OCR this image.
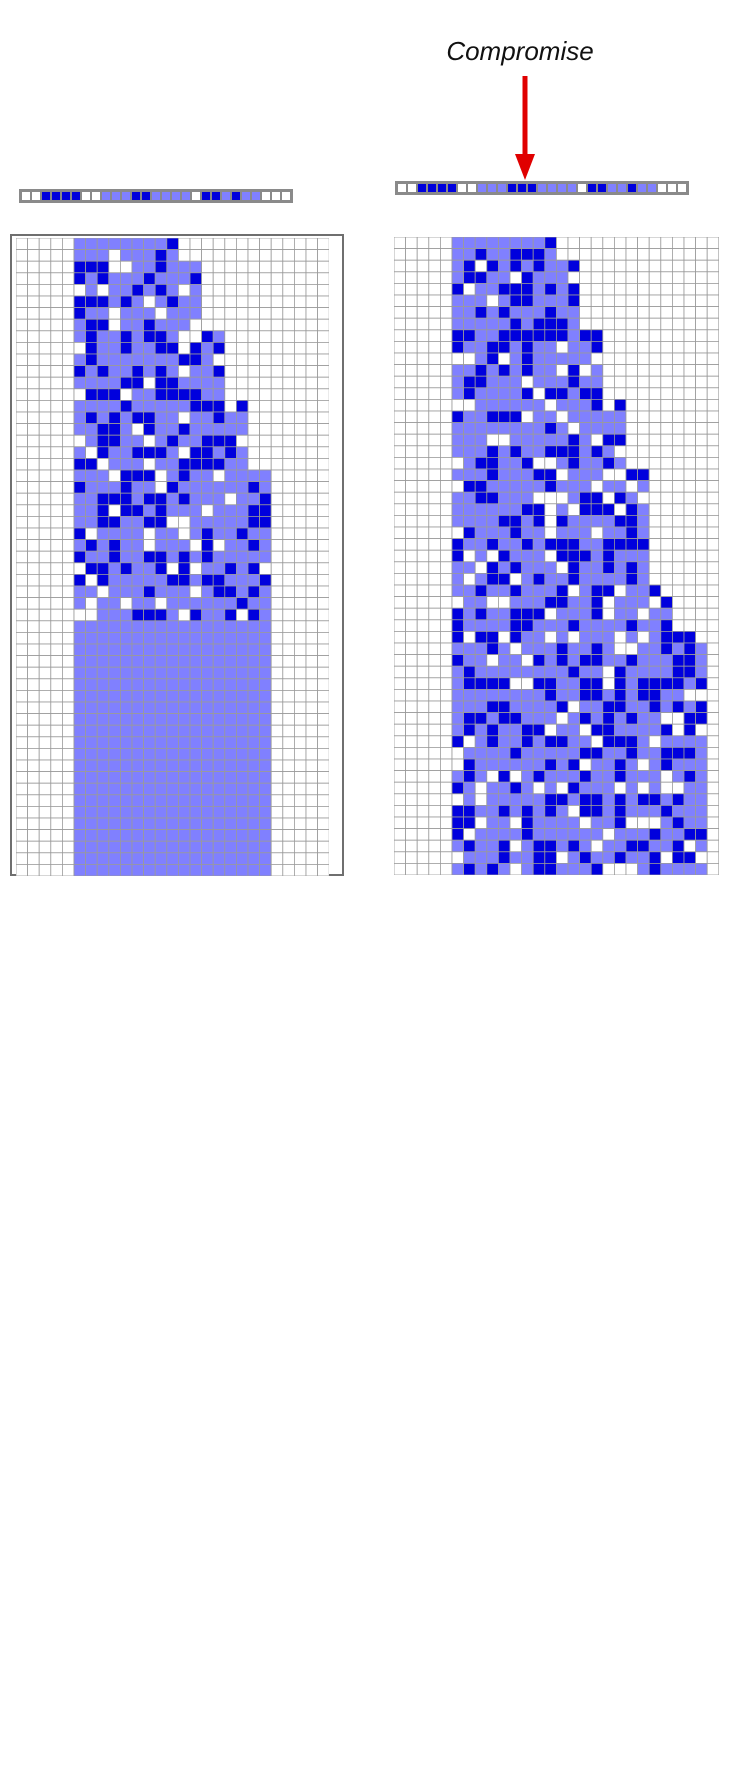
Compromise
